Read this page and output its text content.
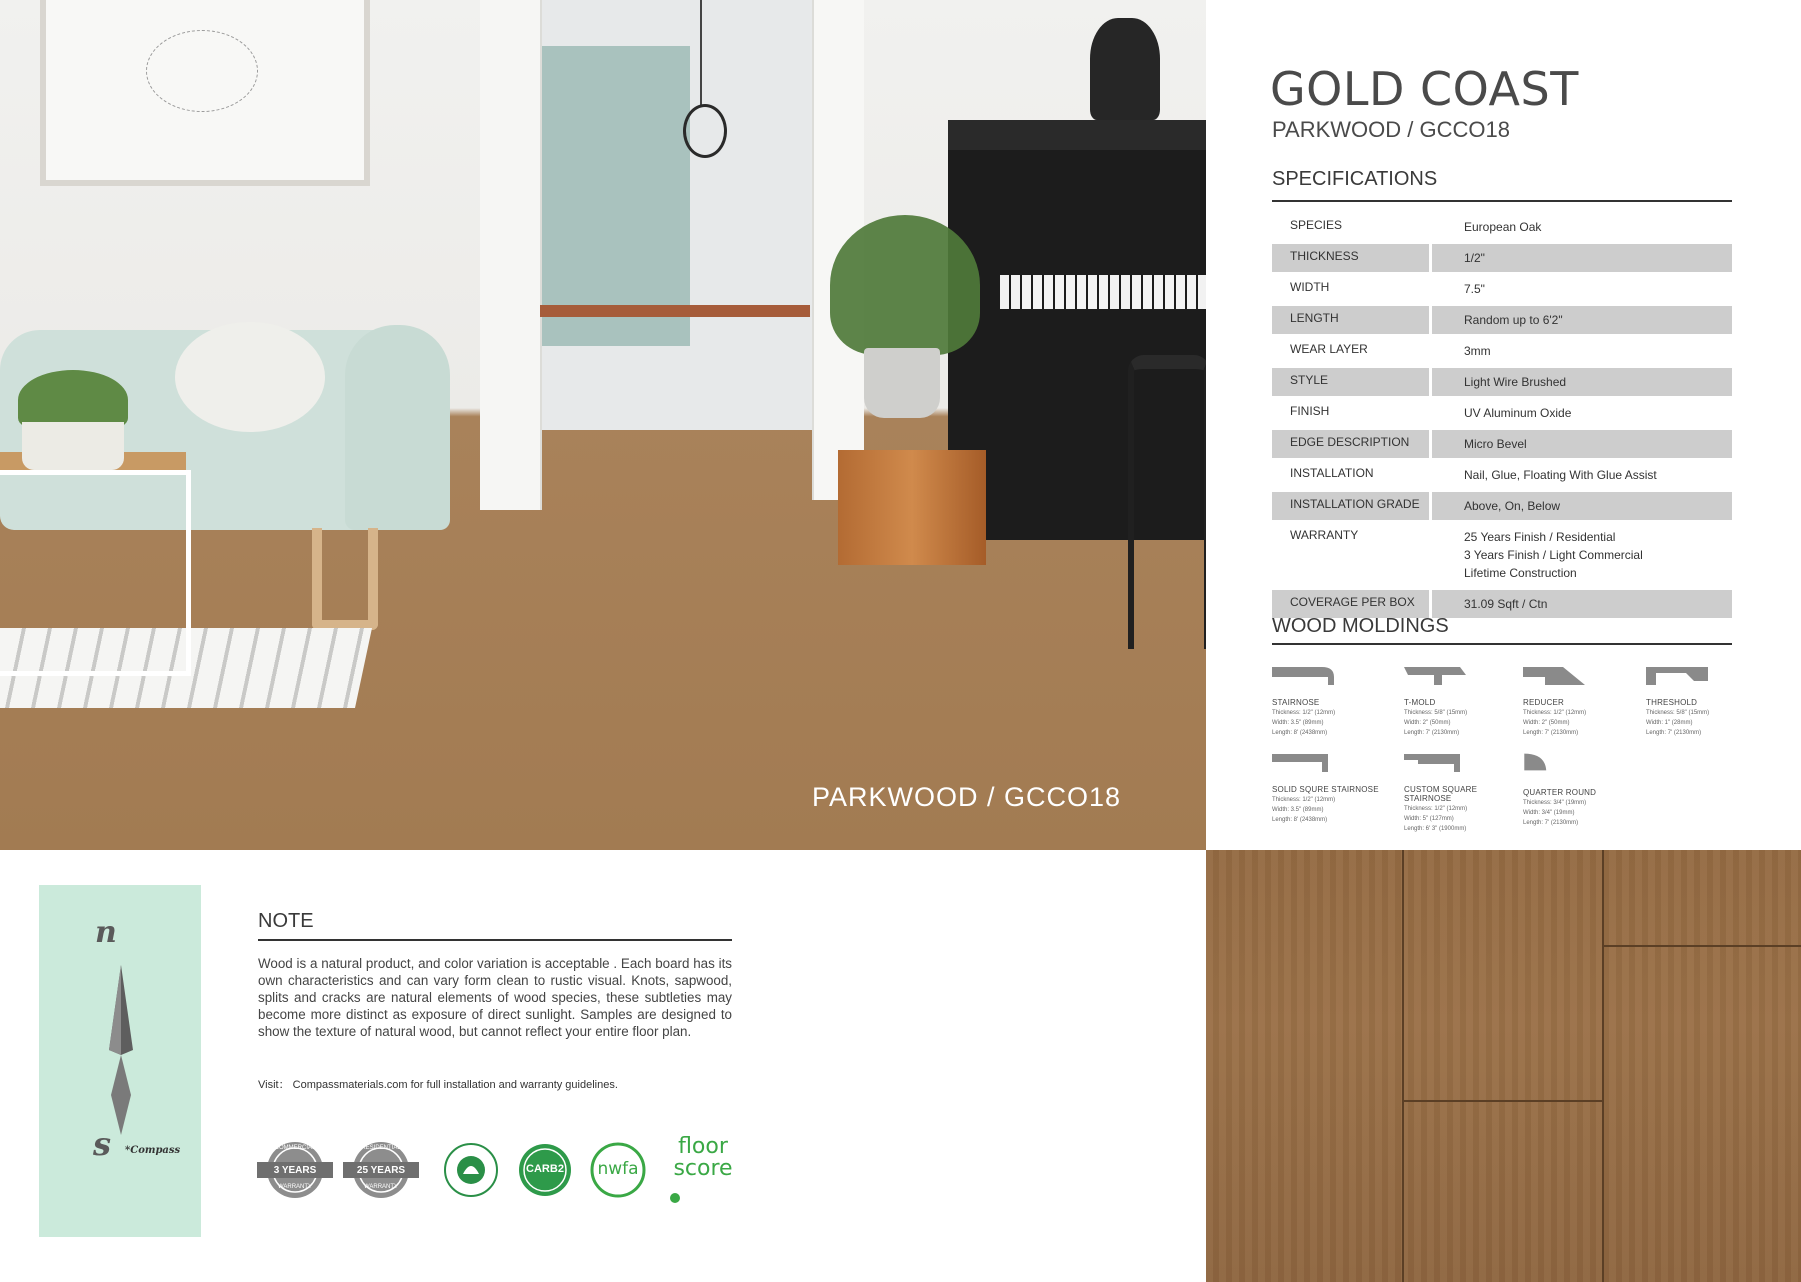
PARKWOOD / GCCO18
GOLD COAST
PARKWOOD / GCCO18
SPECIFICATIONS
SPECIES	European Oak
THICKNESS	1/2"
WIDTH	7.5"
LENGTH	Random up to 6'2"
WEAR LAYER	3mm
STYLE	Light Wire Brushed
FINISH	UV Aluminum Oxide
EDGE DESCRIPTION	Micro Bevel
INSTALLATION	Nail, Glue, Floating With Glue Assist
INSTALLATION GRADE	Above, On, Below
WARRANTY	25 Years Finish / Residential
3 Years Finish / Light Commercial
Lifetime Construction
COVERAGE PER BOX	31.09 Sqft / Ctn
WOOD MOLDINGS
STAIRNOSE
Thickness: 1/2" (12mm)
Width: 3.5" (89mm)
Length: 8' (2438mm)
T-MOLD
Thickness: 5/8" (15mm)
Width: 2" (50mm)
Length: 7' (2130mm)
REDUCER
Thickness: 1/2" (12mm)
Width: 2" (50mm)
Length: 7' (2130mm)
THRESHOLD
Thickness: 5/8" (15mm)
Width: 1" (28mm)
Length: 7' (2130mm)
SOLID SQURE STAIRNOSE
Thickness: 1/2" (12mm)
Width: 3.5" (89mm)
Length: 8' (2438mm)
CUSTOM SQUARE STAIRNOSE
Thickness: 1/2" (12mm)
Width: 5" (127mm)
Length: 6' 3" (1900mm)
QUARTER ROUND
Thickness: 3/4" (19mm)
Width: 3/4" (19mm)
Length: 7' (2130mm)
n
s *Compass
NOTE
Wood is a natural product, and color variation is acceptable . Each board has its own characteristics and can vary form clean to rustic visual. Knots, sapwood, splits and cracks are natural elements of wood species, these subtleties may become more distinct as exposure of direct sunlight. Samples are designed to show the texture of natural wood, but cannot reflect your entire floor plan.
Visit： Compassmaterials.com for full installation and warranty guidelines.
COMMERCIAL
3 YEARS
WARRANTY
RESIDENTIAL
25 YEARS
WARRANTY
CARB2	nwfa
floor
score
